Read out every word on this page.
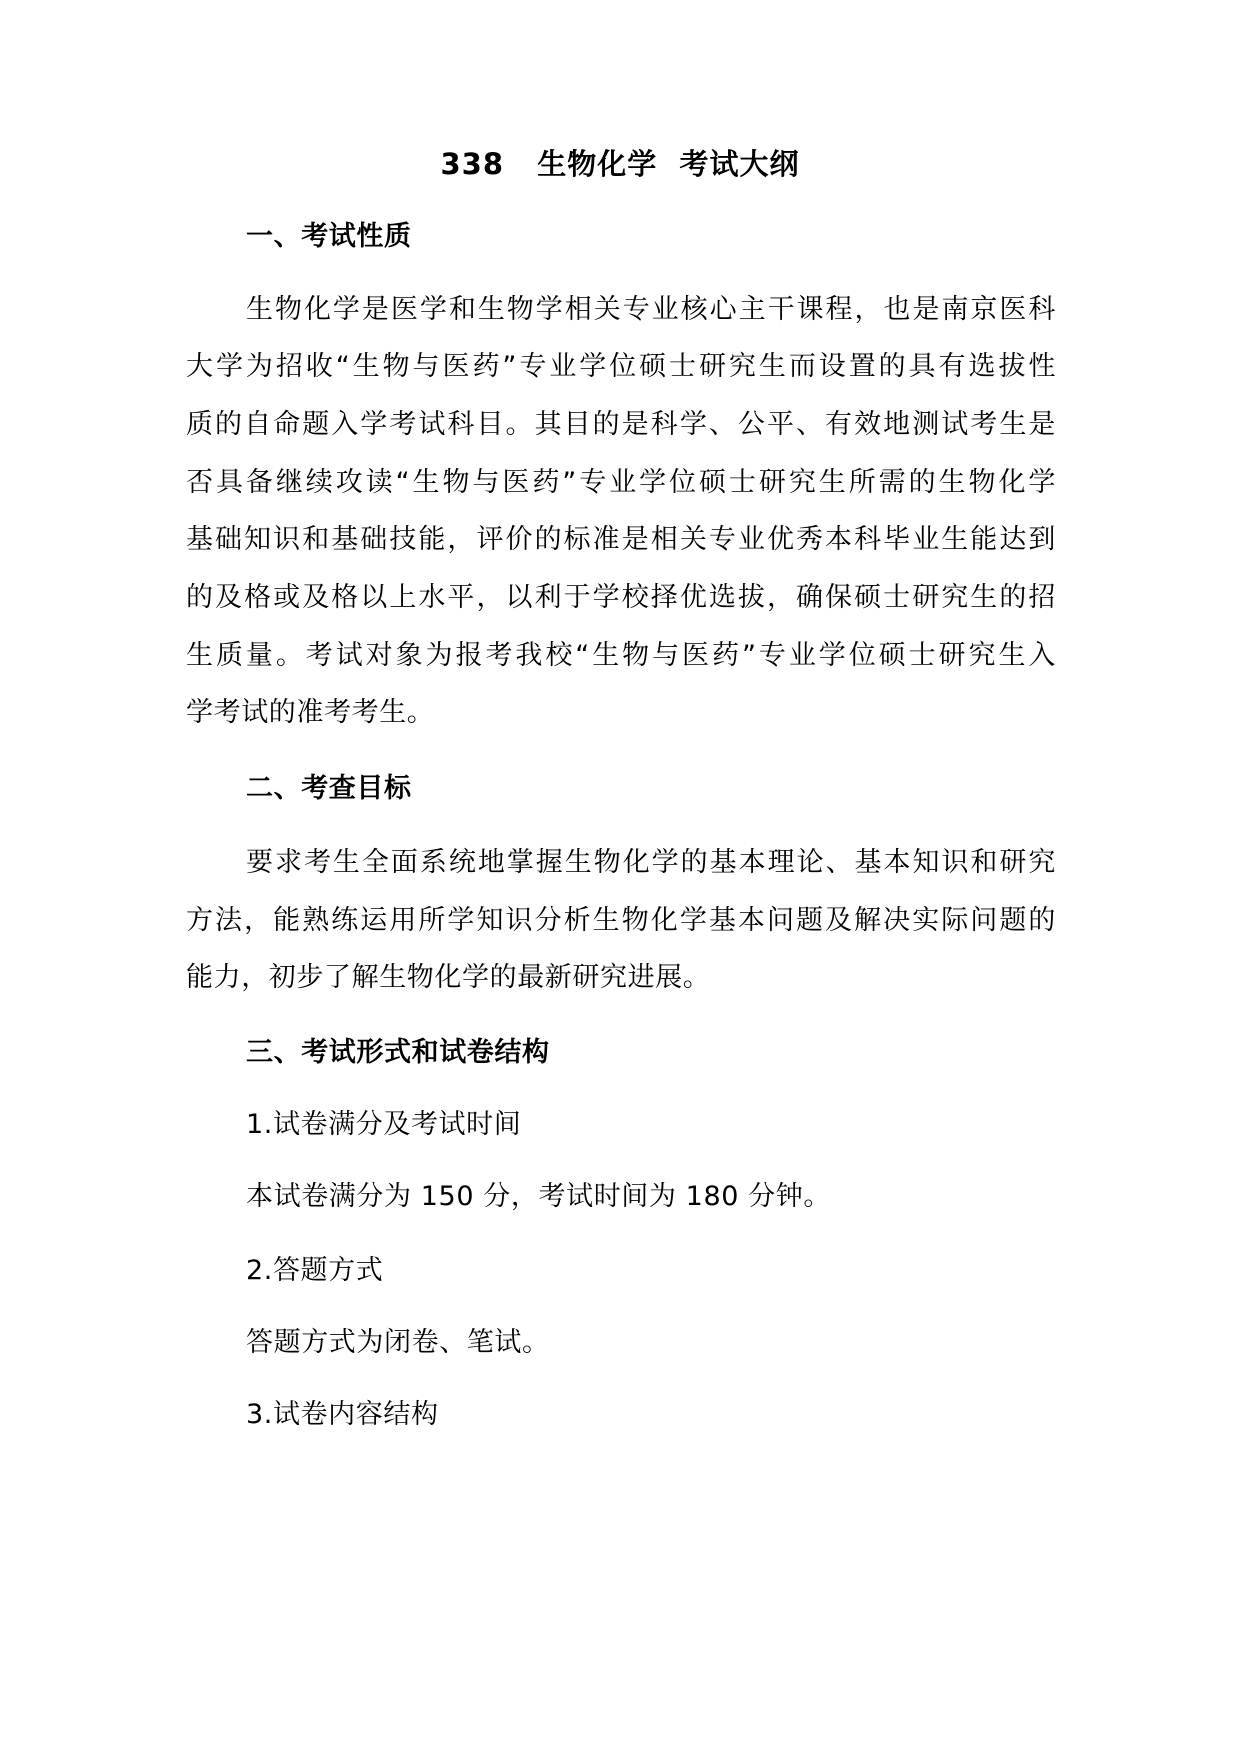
338   生物化学  考试大纲
一、考试性质
生物化学是医学和生物学相关专业核心主干课程，也是南京医科
大学为招收“生物与医药”专业学位硕士研究生而设置的具有选拔性
质的自命题入学考试科目。其目的是科学、公平、有效地测试考生是
否具备继续攻读“生物与医药”专业学位硕士研究生所需的生物化学
基础知识和基础技能，评价的标准是相关专业优秀本科毕业生能达到
的及格或及格以上水平，以利于学校择优选拔，确保硕士研究生的招
生质量。考试对象为报考我校“生物与医药”专业学位硕士研究生入
学考试的准考考生。
二、考查目标
要求考生全面系统地掌握生物化学的基本理论、基本知识和研究
方法，能熟练运用所学知识分析生物化学基本问题及解决实际问题的
能力，初步了解生物化学的最新研究进展。
三、考试形式和试卷结构
1.试卷满分及考试时间
本试卷满分为 150 分，考试时间为 180 分钟。
2.答题方式
答题方式为闭卷、笔试。
3.试卷内容结构
